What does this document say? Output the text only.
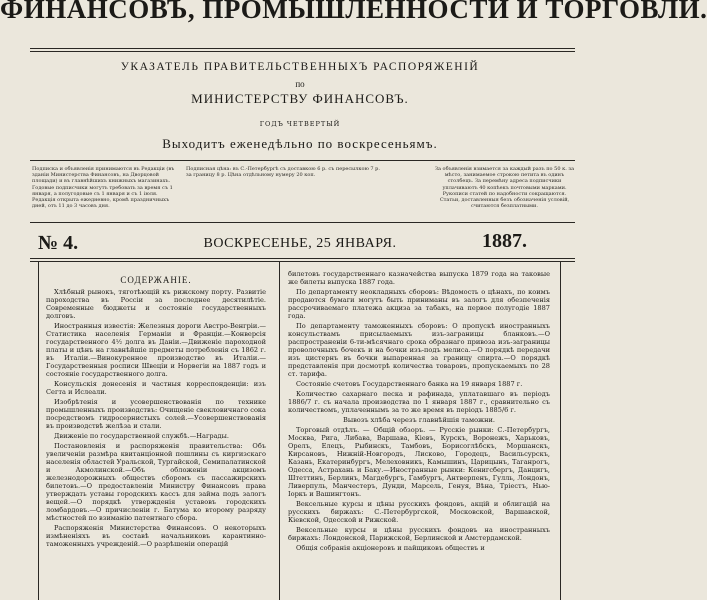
ФИНАНСОВЪ, ПРОМЫШЛЕННОСТИ И ТОРГОВЛИ.
УКАЗАТЕЛЬ ПРАВИТЕЛЬСТВЕННЫХЪ РАСПОРЯЖЕНІЙ
по
МИНИСТЕРСТВУ ФИНАНСОВЪ.
ГОДЪ ЧЕТВЕРТЫЙ
Выходитъ еженедѣльно по воскресеньямъ.
Подписка и объявленія принимаются въ Редакціи (въ зданіи Министерства Финансовъ, на Дворцовой площади) и въ главнѣйшихъ книжныхъ магазинахъ. Годовые подписчики могутъ требовать за время съ 1 января, а полугодовые съ 1 января и съ 1 іюля. Редакція открыта ежедневно, кромѣ праздничныхъ дней, отъ 11 до 3 часовъ дня.
Подписная цѣна: въ С.-Петербургѣ съ доставкою 6 р. съ пересылкою 7 р. за границу 8 р. Цѣна отдѣльному нумеру 20 коп.
За объявленія взимается за каждый разъ по 50 к. за мѣсто, занимаемое строкою петита въ одинъ столбецъ. За перемѣну адреса подписчики уплачиваютъ 40 копѣекъ почтовыми марками. Рукописи статей по надобности сокращаются. Статьи, доставленныя безъ обозначенія условій, считаются безплатными.
№ 4.	ВОСКРЕСЕНЬЕ, 25 ЯНВАРЯ.	1887.
СОДЕРЖАНІЕ.

Хлѣбный рынокъ, тяготѣющій къ рижскому порту. Развитіе пароходства въ Россіи за последнее десятилѣтіе. Современные бюджеты и состояніе государственныхъ долговъ.

Иностранныя известія: Железныя дороги Австро-Венгріи.—Статистика населенія Германіи и Франціи.—Конверсія государственного 4½ долга въ Даніи.—Движеніе пароходной платы и цѣнъ на главнѣйшіе предметы потребленія съ 1862 г. въ Италіи.—Винокуренное производство въ Италіи.—Государственныя росписи Швеціи и Норвегіи на 1887 годъ и состояніе государственного долга.

Консульскія донесенія и частныя корреспонденціи: изъ Сегта и Ислеали.

Изобрѣтенія и усовершенствованія по технике промышленныхъ производствъ: Очищеніе свекловичнаго сока посредствомъ гидросернистыхъ солей.—Усовершенствованія въ производствѣ желѣза и стали.

Движеніе по государственной службѣ.—Награды.

Постановленія и распоряженія правительства: Объ увеличеніи размѣра квитанціонной пошлины съ киргизскаго населенія областей Уральской, Тургайской, Семипалатинской и Акмолинской.—Объ обложеніи акцизомъ железнодорожныхъ обществъ сборомъ съ пассажирскихъ билетовъ.—О предоставленіи Министру Финансовъ права утверждать уставы городскихъ кассъ для займа подъ залогъ вещей.—О порядкѣ утвержденія уставовъ городскихъ ломбардовъ.—О причисленіи г. Батума ко второму разряду мѣстностей по взиманію патентнаго сбора.

Распоряженія Министерства Финансовъ. О некоторыхъ измѣненіяхъ въ составѣ начальниковъ карантинно-таможенныхъ учрежденій.—О разрѣшеніи операцій

билетовъ государственнаго казначейства выпуска 1879 года на таковые же билеты выпуска 1887 года.

По департаменту неокладныхъ сборовъ: Вѣдомость о цѣнахъ, по коимъ продаются бумаги могутъ быть приниманы въ залогъ для обезпеченія рассрочиваемаго платежа акциза за табакъ, на первое полугодіе 1887 года.

По департаменту таможенныхъ сборовъ: О пропускѣ иностранныхъ консульствамъ присылаемыхъ изъ-заграницы бланковъ.—О распространеніи 6-ти-мѣсячнаго срока образнаго привоза изъ-заграницы проволочныхъ бочекъ и на бочки изъ-подъ мелиса.—О порядкѣ передачи изъ цистернъ въ бочки выпаренная за границу спирта.—О порядкѣ представленія при досмотрѣ количества товаровъ, пропускаемыхъ по 28 ст. тарифа.

Состояніе счетовъ Государственнаго банка на 19 января 1887 г.

Количество сахарнаго песка и рафинада, уплатавшаго въ періодъ 1886/7 г. съ начала производства по 1 января 1887 г., сравнительно съ количествомъ, уплаченнымъ за то же время въ періодъ 1885/6 г.

Вывозъ хлѣба черезъ главнѣйшія таможни.

Торговый отдѣлъ. — Общій обзоръ. — Русскіе рынки: С.-Петербургъ, Москва, Рига, Либава, Варшава, Кіевъ, Курскъ, Воронежъ, Харьковъ, Орелъ, Елецъ, Рыбинскъ, Тамбовъ, Борисоглѣбскъ, Моршанскъ, Кирсановъ, Нижній-Новгородъ, Лисково, Городецъ, Васильсурскъ, Казань, Екатеринбургъ, Мелеховникъ, Камышинъ, Царицынъ, Таганрогъ, Одесса, Астрахань и Баку.—Иностранные рынки: Кенигсбергъ, Данцигъ, Штеттинъ, Берлинъ, Магдебургъ, Гамбургъ, Антверпенъ, Гулль, Лондонъ, Ливерпуль, Манчестеръ, Дунди, Марсель, Генуя, Вѣна, Тріестъ, Нью-Іоркъ и Вашингтонъ.

Вексельные курсы и цѣны русскихъ фондовъ, акцій и облигацій на русскихъ биржахъ: С.-Петербургской, Московской, Варшавской, Кіевской, Одесской и Рижской.

Вексельные курсы и цѣны русскихъ фондовъ на иностранныхъ биржахъ: Лондонской, Парижской, Берлинской и Амстердамской.

Общія собранія акціонеровъ и пайщиковъ обществъ и
